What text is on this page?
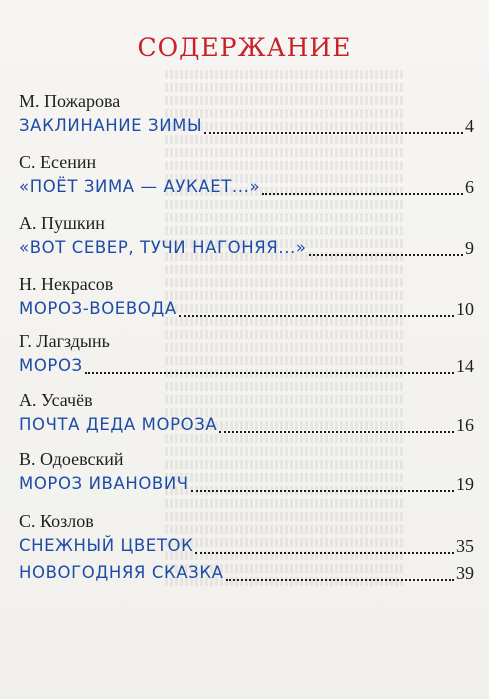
СОДЕРЖАНИЕ
М. Пожарова
ЗАКЛИНАНИЕ ЗИМЫ	4
С. Есенин
«ПОЁТ ЗИМА — АУКАЕТ...»	6
А. Пушкин
«ВОТ СЕВЕР, ТУЧИ НАГОНЯЯ...»	9
Н. Некрасов
МОРОЗ-ВОЕВОДА	10
Г. Лагздынь
МОРОЗ	14
А. Усачёв
ПОЧТА ДЕДА МОРОЗА	16
В. Одоевский
МОРОЗ ИВАНОВИЧ	19
С. Козлов
СНЕЖНЫЙ ЦВЕТОК	35
НОВОГОДНЯЯ СКАЗКА	39
